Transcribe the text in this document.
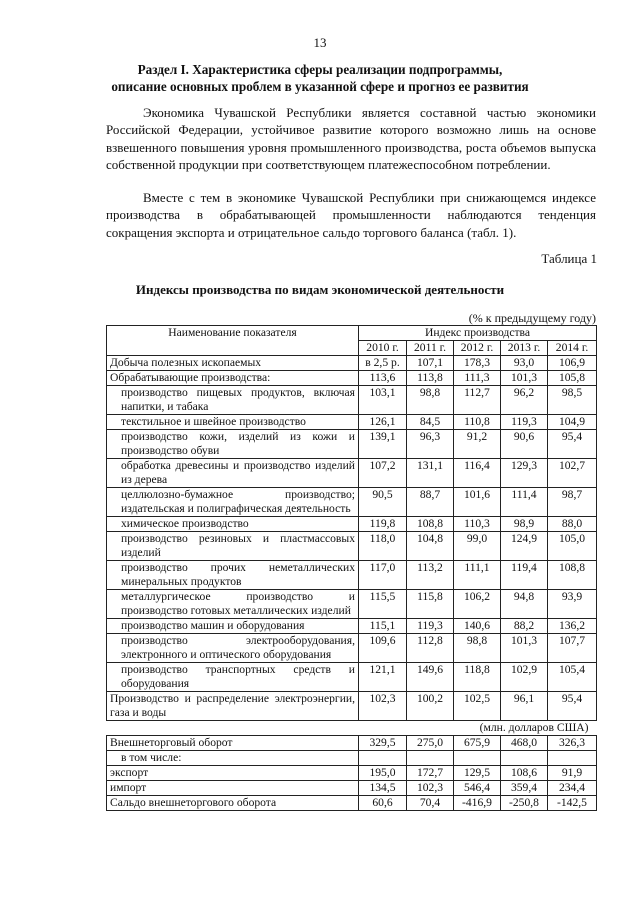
13
Раздел I. Характеристика сферы реализации подпрограммы,
описание основных проблем в указанной сфере и прогноз ее развития

Экономика Чувашской Республики является составной частью экономики Российской Федерации, устойчивое развитие которого возможно лишь на основе взвешенного повышения уровня промышленного производства, роста объемов выпуска собственной продукции при соответствующем платежеспособном потреблении.

Вместе с тем в экономике Чувашской Республики при снижающемся индексе производства в обрабатывающей промышленности наблюдаются тенденция сокращения экспорта и отрицательное сальдо торгового баланса (табл. 1).

Таблица 1
Индексы производства по видам экономической деятельности
(% к предыдущему году)
Наименование показателя	Индекс производства				
	2010 г.	2011 г.	2012 г.	2013 г.	2014 г.
Добыча полезных ископаемых	в 2,5 р.	107,1	178,3	93,0	106,9
Обрабатывающие производства:	113,6	113,8	111,3	101,3	105,8
производство пищевых продуктов, включая напитки, и табака	103,1	98,8	112,7	96,2	98,5
текстильное и швейное производство	126,1	84,5	110,8	119,3	104,9
производство кожи, изделий из кожи и производство обуви	139,1	96,3	91,2	90,6	95,4
обработка древесины и производство изделий из дерева	107,2	131,1	116,4	129,3	102,7
целлюлозно-бумажное производство; издательская и полиграфическая деятельность	90,5	88,7	101,6	111,4	98,7
химическое производство	119,8	108,8	110,3	98,9	88,0
производство резиновых и пластмассовых изделий	118,0	104,8	99,0	124,9	105,0
производство прочих неметаллических минеральных продуктов	117,0	113,2	111,1	119,4	108,8
металлургическое производство и производство готовых металлических изделий	115,5	115,8	106,2	94,8	93,9
производство машин и оборудования	115,1	119,3	140,6	88,2	136,2
производство электрооборудования, электронного и оптического оборудования	109,6	112,8	98,8	101,3	107,7
производство транспортных средств и оборудования	121,1	149,6	118,8	102,9	105,4
Производство и распределение электроэнергии, газа и воды	102,3	100,2	102,5	96,1	95,4
(млн. долларов США)					
Внешнеторговый оборот	329,5	275,0	675,9	468,0	326,3
в том числе:					
экспорт	195,0	172,7	129,5	108,6	91,9
импорт	134,5	102,3	546,4	359,4	234,4
Сальдо внешнеторгового оборота	60,6	70,4	-416,9	-250,8	-142,5
